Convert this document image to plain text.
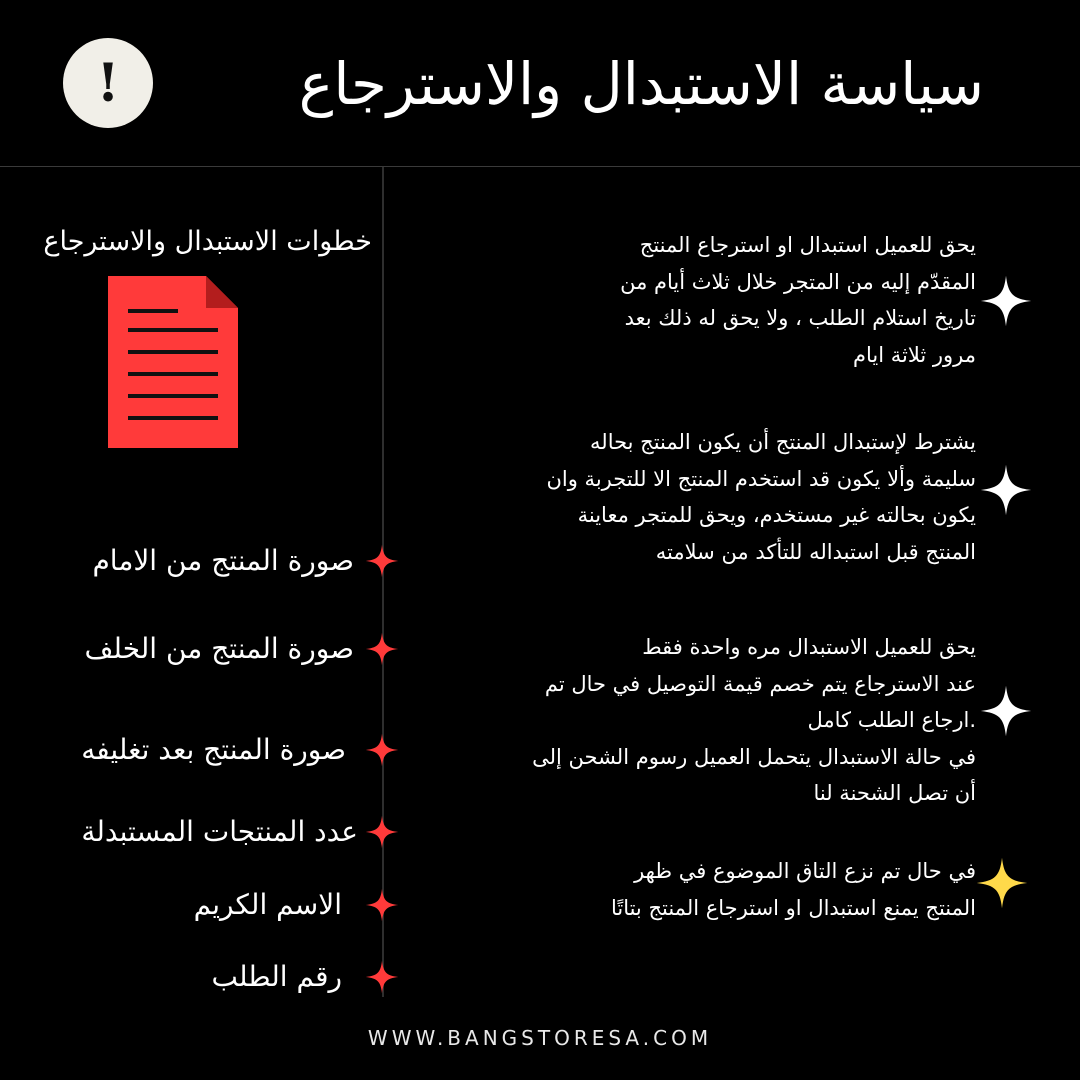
!	سياسة الاستبدال والاسترجاع
خطوات الاستبدال والاسترجاع
صورة المنتج من الامام
صورة المنتج من الخلف
صورة المنتج بعد تغليفه
عدد المنتجات المستبدلة
الاسم الكريم
رقم الطلب

يحق للعميل استبدال او استرجاع المنتج

المقدّم إليه من المتجر خلال ثلاث أيام من

تاريخ استلام الطلب ، ولا يحق له ذلك بعد

مرور ثلاثة ايام

يشترط لإستبدال المنتج أن يكون المنتج بحاله

سليمة وألا يكون قد استخدم المنتج الا للتجربة وان

يكون بحالته غير مستخدم، ويحق للمتجر معاينة

المنتج قبل استبداله للتأكد من سلامته

يحق للعميل الاستبدال مره واحدة فقط

عند الاسترجاع يتم خصم قيمة التوصيل في حال تم

.ارجاع الطلب كامل

في حالة الاستبدال يتحمل العميل رسوم الشحن إلى

أن تصل الشحنة لنا

في حال تم نزع التاق الموضوع في ظهر

المنتج يمنع استبدال او استرجاع المنتج بتاتًا

WWW.BANGSTORESA.COM
